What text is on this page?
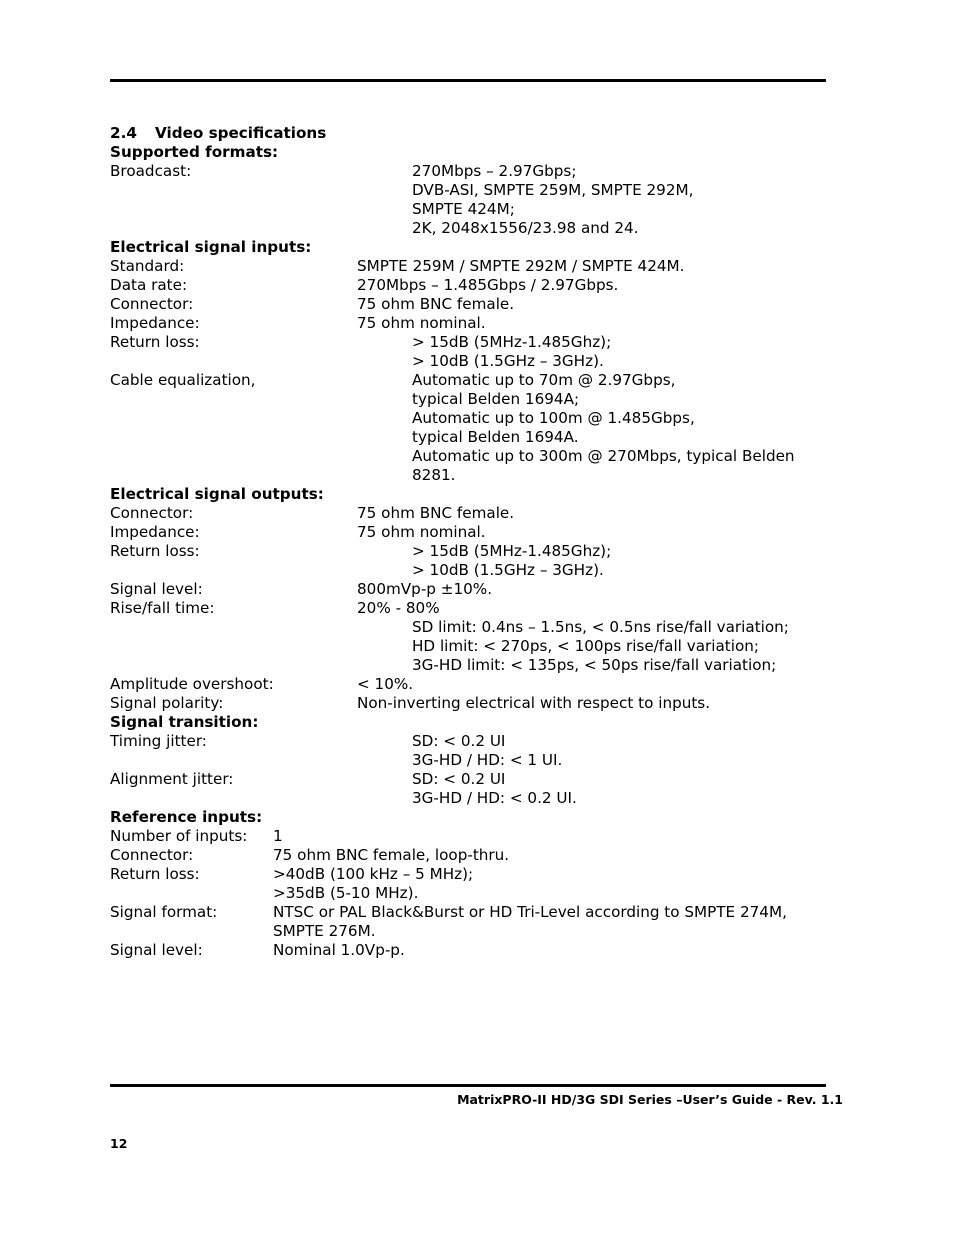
2.4 Video specifications
Supported formats:
Broadcast:	270Mbps – 2.97Gbps;
DVB-ASI, SMPTE 259M, SMPTE 292M,
SMPTE 424M;
2K, 2048x1556/23.98 and 24.
Electrical signal inputs:
Standard:	SMPTE 259M / SMPTE 292M / SMPTE 424M.
Data rate:	270Mbps – 1.485Gbps / 2.97Gbps.
Connector:	75 ohm BNC female.
Impedance:	75 ohm nominal.
Return loss:	> 15dB (5MHz-1.485Ghz);
> 10dB (1.5GHz – 3GHz).
Cable equalization,	Automatic up to 70m @ 2.97Gbps,
typical Belden 1694A;
Automatic up to 100m @ 1.485Gbps,
typical Belden 1694A.
Automatic up to 300m @ 270Mbps, typical Belden
8281.
Electrical signal outputs:
Connector:	75 ohm BNC female.
Impedance:	75 ohm nominal.
Return loss:	> 15dB (5MHz-1.485Ghz);
> 10dB (1.5GHz – 3GHz).
Signal level:	800mVp-p ±10%.
Rise/fall time:	20% - 80%
SD limit: 0.4ns – 1.5ns, < 0.5ns rise/fall variation;
HD limit: < 270ps, < 100ps rise/fall variation;
3G-HD limit: < 135ps, < 50ps rise/fall variation;
Amplitude overshoot:	< 10%.
Signal polarity:	Non-inverting electrical with respect to inputs.
Signal transition:
Timing jitter:	SD: < 0.2 UI
3G-HD / HD: < 1 UI.
Alignment jitter:	SD: < 0.2 UI
3G-HD / HD: < 0.2 UI.
Reference inputs:
Number of inputs: 1
Connector:	75 ohm BNC female, loop-thru.
Return loss:	>40dB (100 kHz – 5 MHz);
>35dB (5-10 MHz).
Signal format:	NTSC or PAL Black&Burst or HD Tri-Level according to SMPTE 274M,
SMPTE 276M.
Signal level:	Nominal 1.0Vp-p.
MatrixPRO-II HD/3G SDI Series –User’s Guide - Rev. 1.1
12
